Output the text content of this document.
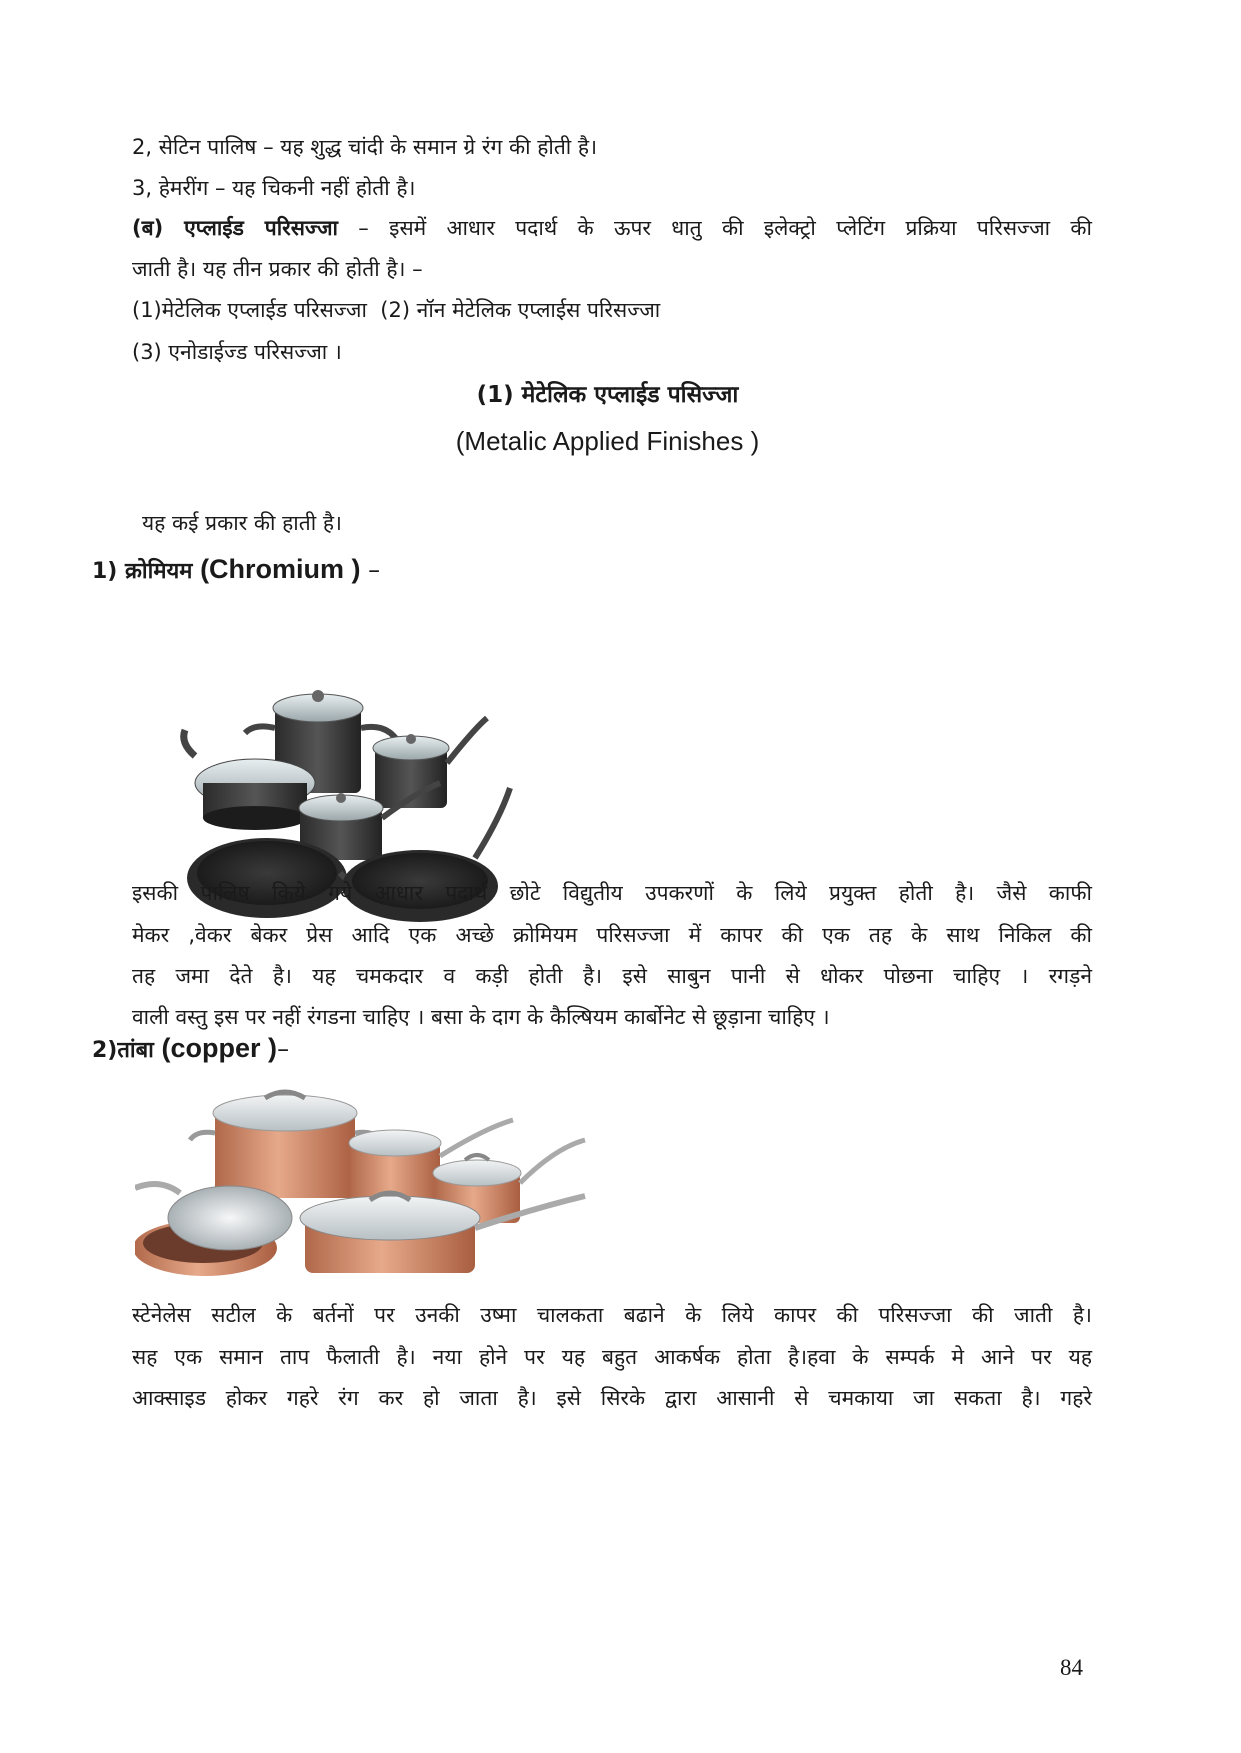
2, सेटिन पालिष – यह शुद्ध चांदी के समान ग्रे रंग की होती है।
3, हेमरींग – यह चिकनी नहीं होती है।
(ब) एप्लाईड परिसज्जा – इसमें आधार पदार्थ के ऊपर धातु की इलेक्ट्रो प्लेटिंग प्रक्रिया परिसज्जा की
जाती है। यह तीन प्रकार की होती है। –
(1)मेटेलिक एप्लाईड परिसज्जा  (2) नॉन मेटेलिक एप्लाईस परिसज्जा
(3) एनोडाईज्ड परिसज्जा ।
(1) मेटेलिक एप्लाईड पसिज्जा
(Metalic Applied Finishes )
यह कई प्रकार की हाती है।
1) क्रोमियम (Chromium ) –
इसकी पालिष किये गये आधार पदार्थ छोटे विद्युतीय उपकरणों के लिये प्रयुक्त होती है। जैसे काफी
मेकर ,वेकर बेकर प्रेस आदि एक अच्छे क्रोमियम परिसज्जा में कापर की एक तह के साथ निकिल की
तह जमा देते है। यह चमकदार व कड़ी होती है। इसे साबुन पानी से धोकर पोछना चाहिए । रगड़ने
वाली वस्तु इस पर नहीं रंगडना चाहिए । बसा के दाग के कैल्षियम कार्बोनेट से छूड़ाना चाहिए ।
2)तांबा (copper )–
स्टेनेलेस सटील के बर्तनों पर उनकी उष्मा चालकता बढाने के लिये कापर की परिसज्जा की जाती है।
सह एक समान ताप फैलाती है। नया होने पर यह बहुत आकर्षक होता है।हवा के सम्पर्क मे आने पर यह
आक्साइड होकर गहरे रंग कर हो जाता है। इसे सिरके द्वारा आसानी से चमकाया जा सकता है। गहरे
84
